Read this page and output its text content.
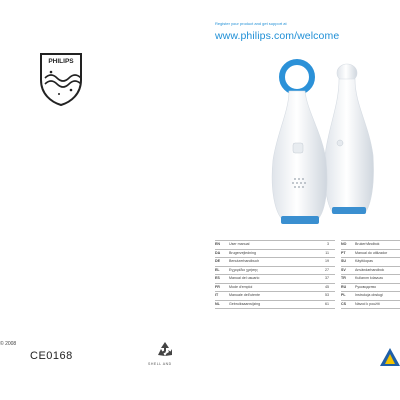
PHILIPS
© 2008
CE0168
SHELL AND
Register your product and get support at
www.philips.com/welcome
EN	User manual	3
DA Brugervejledning	11
DE	Benutzerhandbuch	19
EL	Εγχειρίδιο χρήσης	27
ES	Manual del usuario	37
FR	Mode d'emploi	45
IT	Manuale dell'utente	53
NL	Gebruiksaanwijzing	61
NO Brukerhåndbok
PT	Manual do utilizador
SU	Käyttöopas
SV	Användarhandbok
TR	Kullanım kılavuzu
RU Руководство
PL	Instrukcja obsługi
CS	Návod k použití
